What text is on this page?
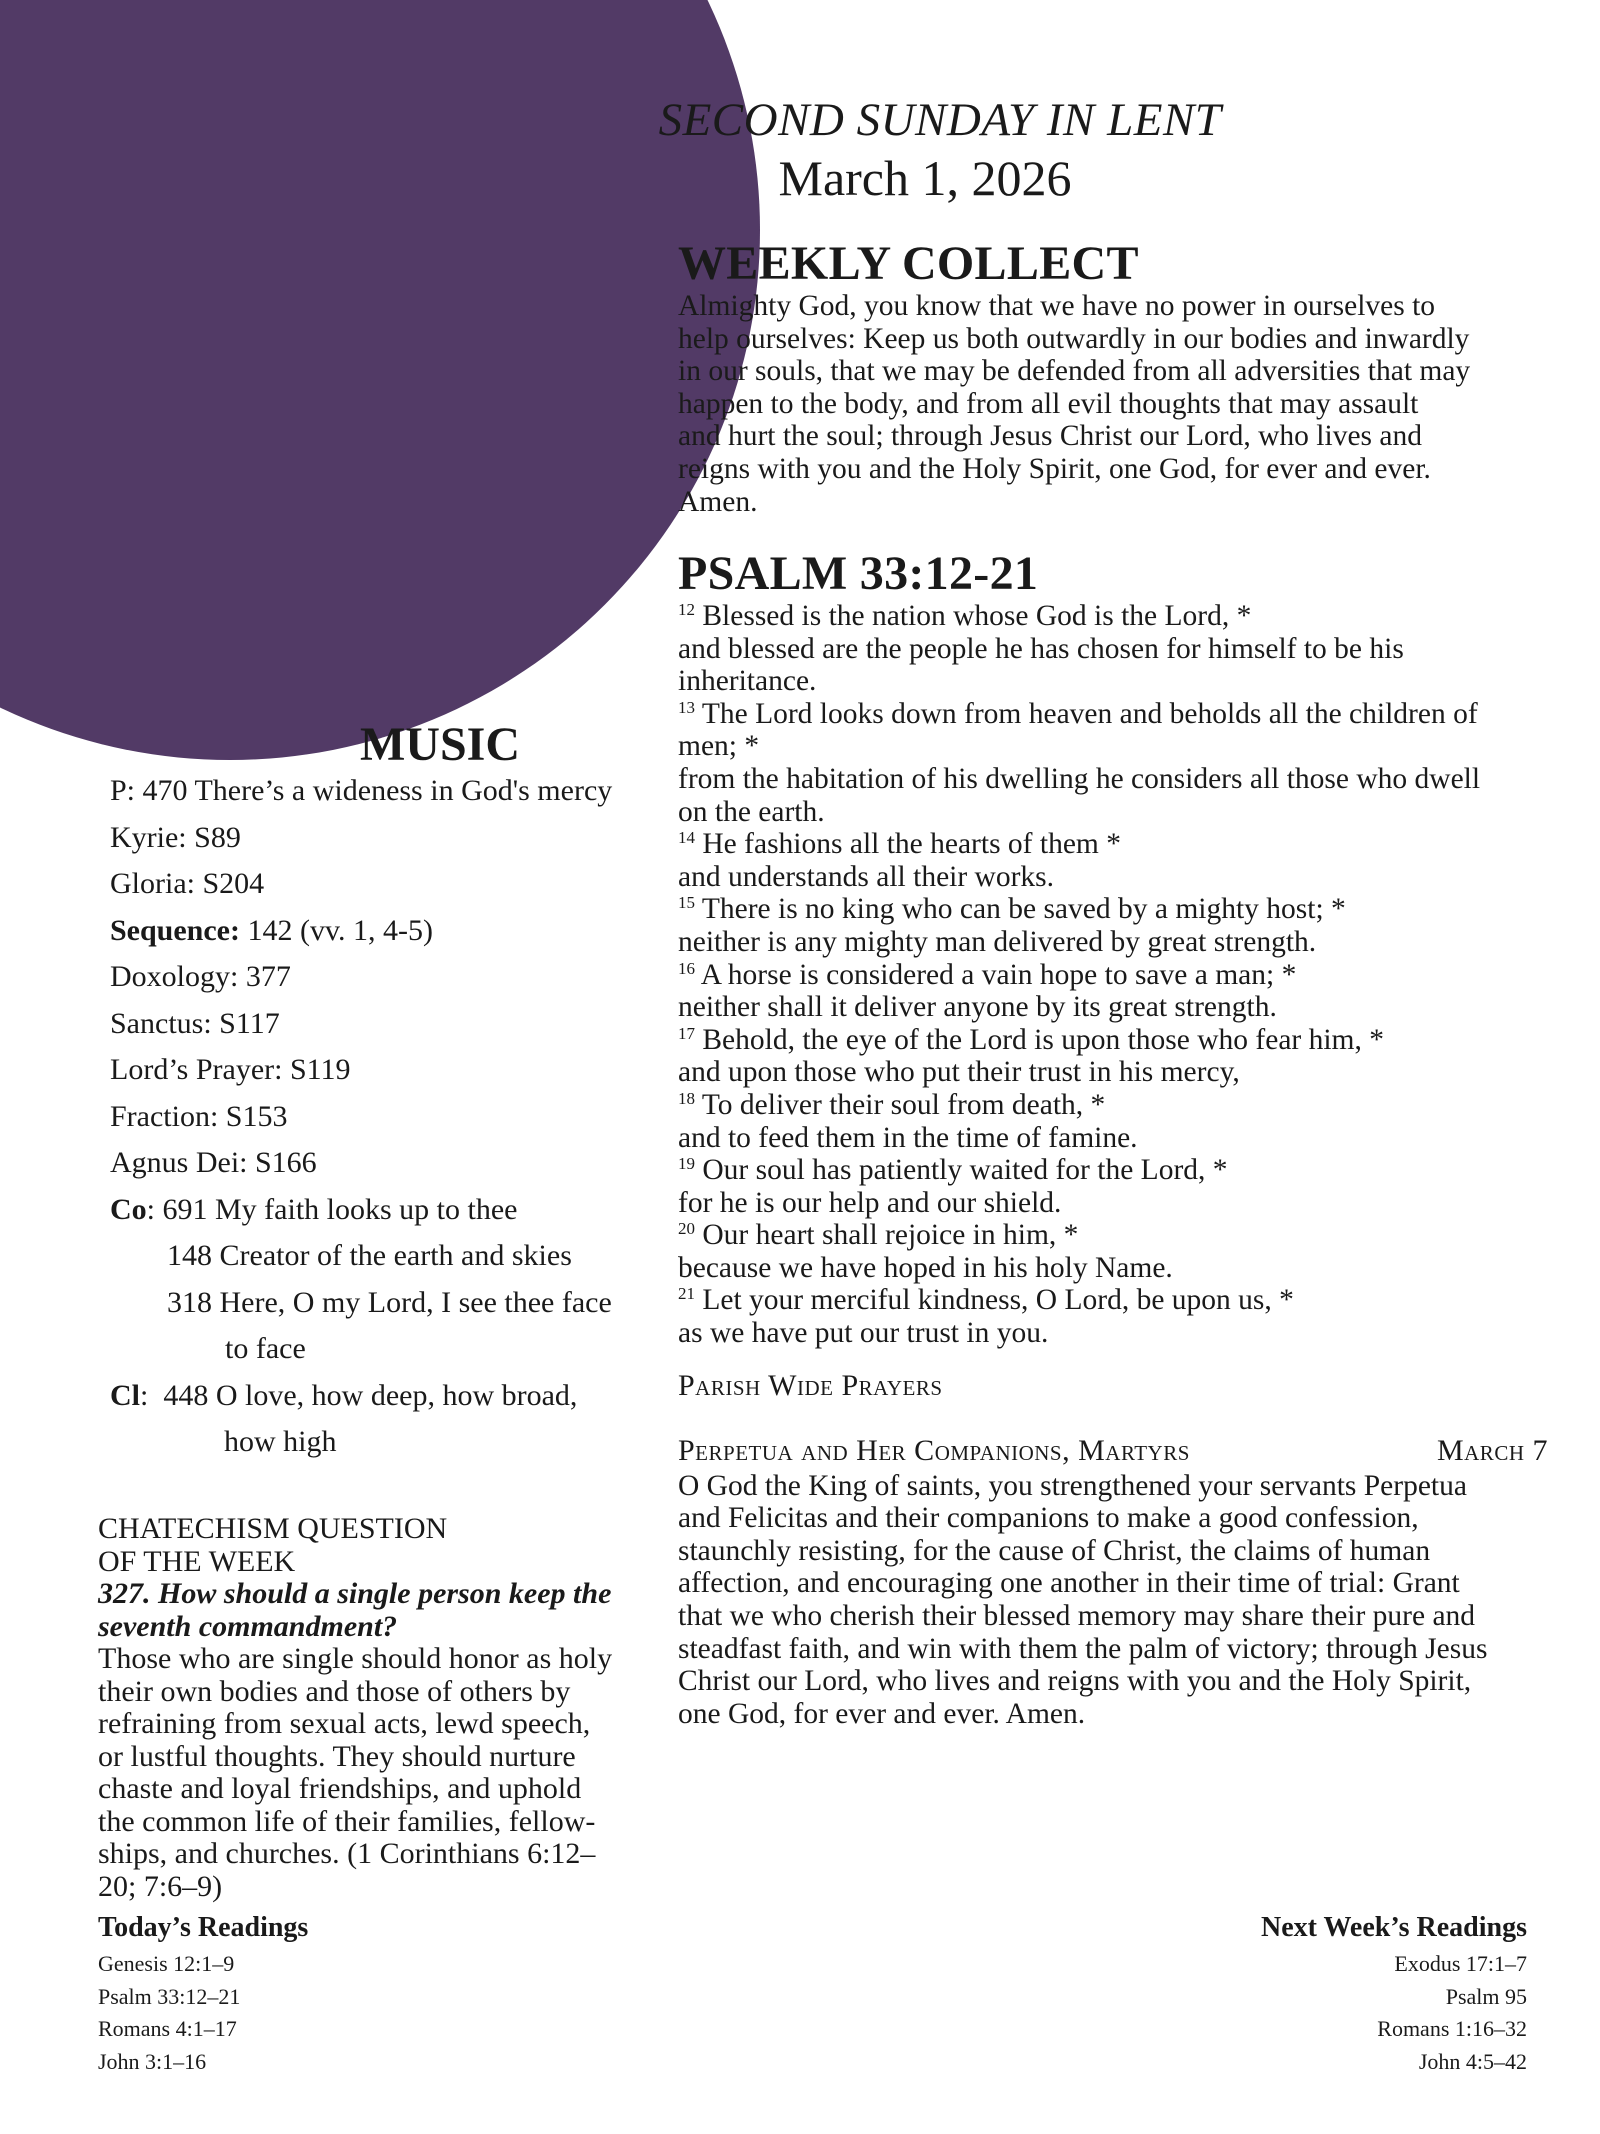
SECOND SUNDAY IN LENT
March 1, 2026
WEEKLY COLLECT
Almighty God, you know that we have no power in ourselves to
help ourselves: Keep us both outwardly in our bodies and inwardly
in our souls, that we may be defended from all adversities that may
happen to the body, and from all evil thoughts that may assault
and hurt the soul; through Jesus Christ our Lord, who lives and
reigns with you and the Holy Spirit, one God, for ever and ever.
Amen.
PSALM 33:12-21
$^{12}$ Blessed is the nation whose God is the Lord, *
and blessed are the people he has chosen for himself to be his
inheritance.
$^{13}$ The Lord looks down from heaven and beholds all the children of
men; *
from the habitation of his dwelling he considers all those who dwell
on the earth.
$^{14}$ He fashions all the hearts of them *
and understands all their works.
$^{15}$ There is no king who can be saved by a mighty host; *
neither is any mighty man delivered by great strength.
$^{16}$ A horse is considered a vain hope to save a man; *
neither shall it deliver anyone by its great strength.
$^{17}$ Behold, the eye of the Lord is upon those who fear him, *
and upon those who put their trust in his mercy,
$^{18}$ To deliver their soul from death, *
and to feed them in the time of famine.
$^{19}$ Our soul has patiently waited for the Lord, *
for he is our help and our shield.
$^{20}$ Our heart shall rejoice in him, *
because we have hoped in his holy Name.
$^{21}$ Let your merciful kindness, O Lord, be upon us, *
as we have put our trust in you.
Parish Wide Prayers
Perpetua and Her Companions, Martyrs	March 7
O God the King of saints, you strengthened your servants Perpetua
and Felicitas and their companions to make a good confession,
staunchly resisting, for the cause of Christ, the claims of human
affection, and encouraging one another in their time of trial: Grant
that we who cherish their blessed memory may share their pure and
steadfast faith, and win with them the palm of victory; through Jesus
Christ our Lord, who lives and reigns with you and the Holy Spirit,
one God, for ever and ever. Amen.
MUSIC
P: 470 There’s a wideness in God's mercy
Kyrie: S89
Gloria: S204
Sequence: 142 (vv. 1, 4-5)
Doxology: 377
Sanctus: S117
Lord’s Prayer: S119
Fraction: S153
Agnus Dei: S166
Co: 691 My faith looks up to thee
148 Creator of the earth and skies
318 Here, O my Lord, I see thee face
to face
Cl:  448 O love, how deep, how broad,
how high
CHATECHISM QUESTION
OF THE WEEK
327. How should a single person keep the
seventh commandment?
Those who are single should honor as holy
their own bodies and those of others by
refraining from sexual acts, lewd speech,
or lustful thoughts. They should nurture
chaste and loyal friendships, and uphold
the common life of their families, fellow-
ships, and churches. (1 Corinthians 6:12–
20; 7:6–9)
Today’s Readings
Genesis 12:1–9
Psalm 33:12–21
Romans 4:1–17
John 3:1–16
Next Week’s Readings
Exodus 17:1–7
Psalm 95
Romans 1:16–32
John 4:5–42
